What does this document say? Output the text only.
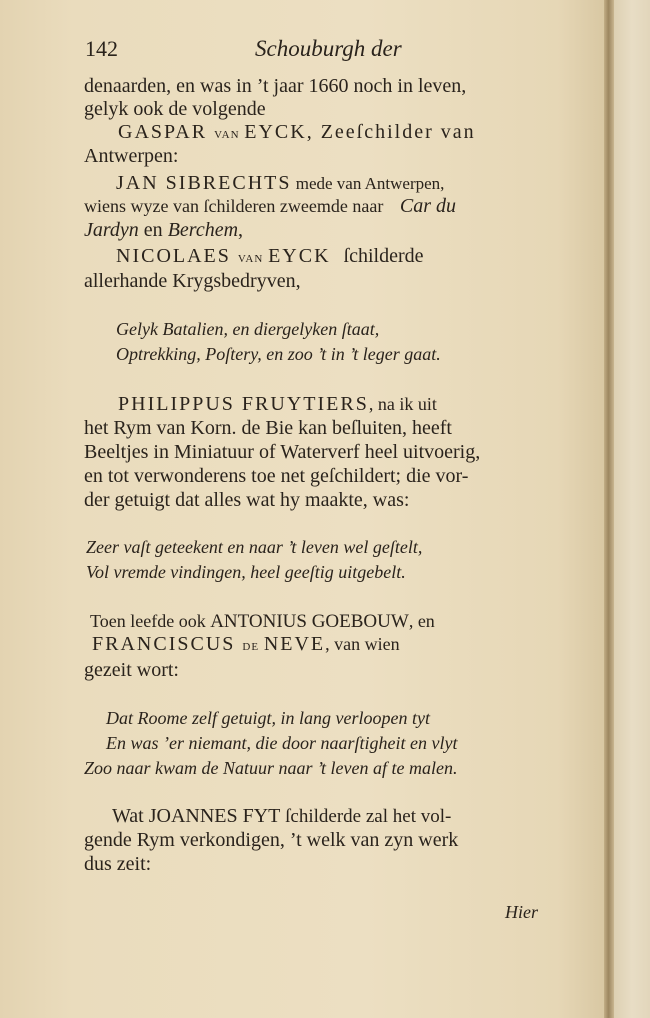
142	Schouburgh der
denaarden, en was in ’t jaar 1660 noch in leven,
gelyk ook de volgende
GASPAR van EYCK, Zeeſchilder van
Antwerpen:
JAN SIBRECHTS mede van Antwerpen,
wiens wyze van ſchilderen zweemde naar Car du
Jardyn en Berchem,
NICOLAES van EYCK ſchilderde
allerhande Krygsbedryven,
Gelyk Batalien, en diergelyken ſtaat,
Optrekking, Poſtery, en zoo ’t in ’t leger gaat.
PHILIPPUS FRUYTIERS, na ik uit
het Rym van Korn. de Bie kan beſluiten, heeft
Beeltjes in Miniatuur of Waterverf heel uitvoerig,
en tot verwonderens toe net geſchildert; die vor-
der getuigt dat alles wat hy maakte, was:
Zeer vaſt geteekent en naar ’t leven wel geſtelt,
Vol vremde vindingen, heel geeſtig uitgebelt.
Toen leefde ook ANTONIUS GOEBOUW, en
FRANCISCUS de NEVE, van wien
gezeit wort:
Dat Roome zelf getuigt, in lang verloopen tyt
En was ’er niemant, die door naarſtigheit en vlyt
Zoo naar kwam de Natuur naar ’t leven af te malen.
Wat JOANNES FYT ſchilderde zal het vol-
gende Rym verkondigen, ’t welk van zyn werk
dus zeit:
Hier
